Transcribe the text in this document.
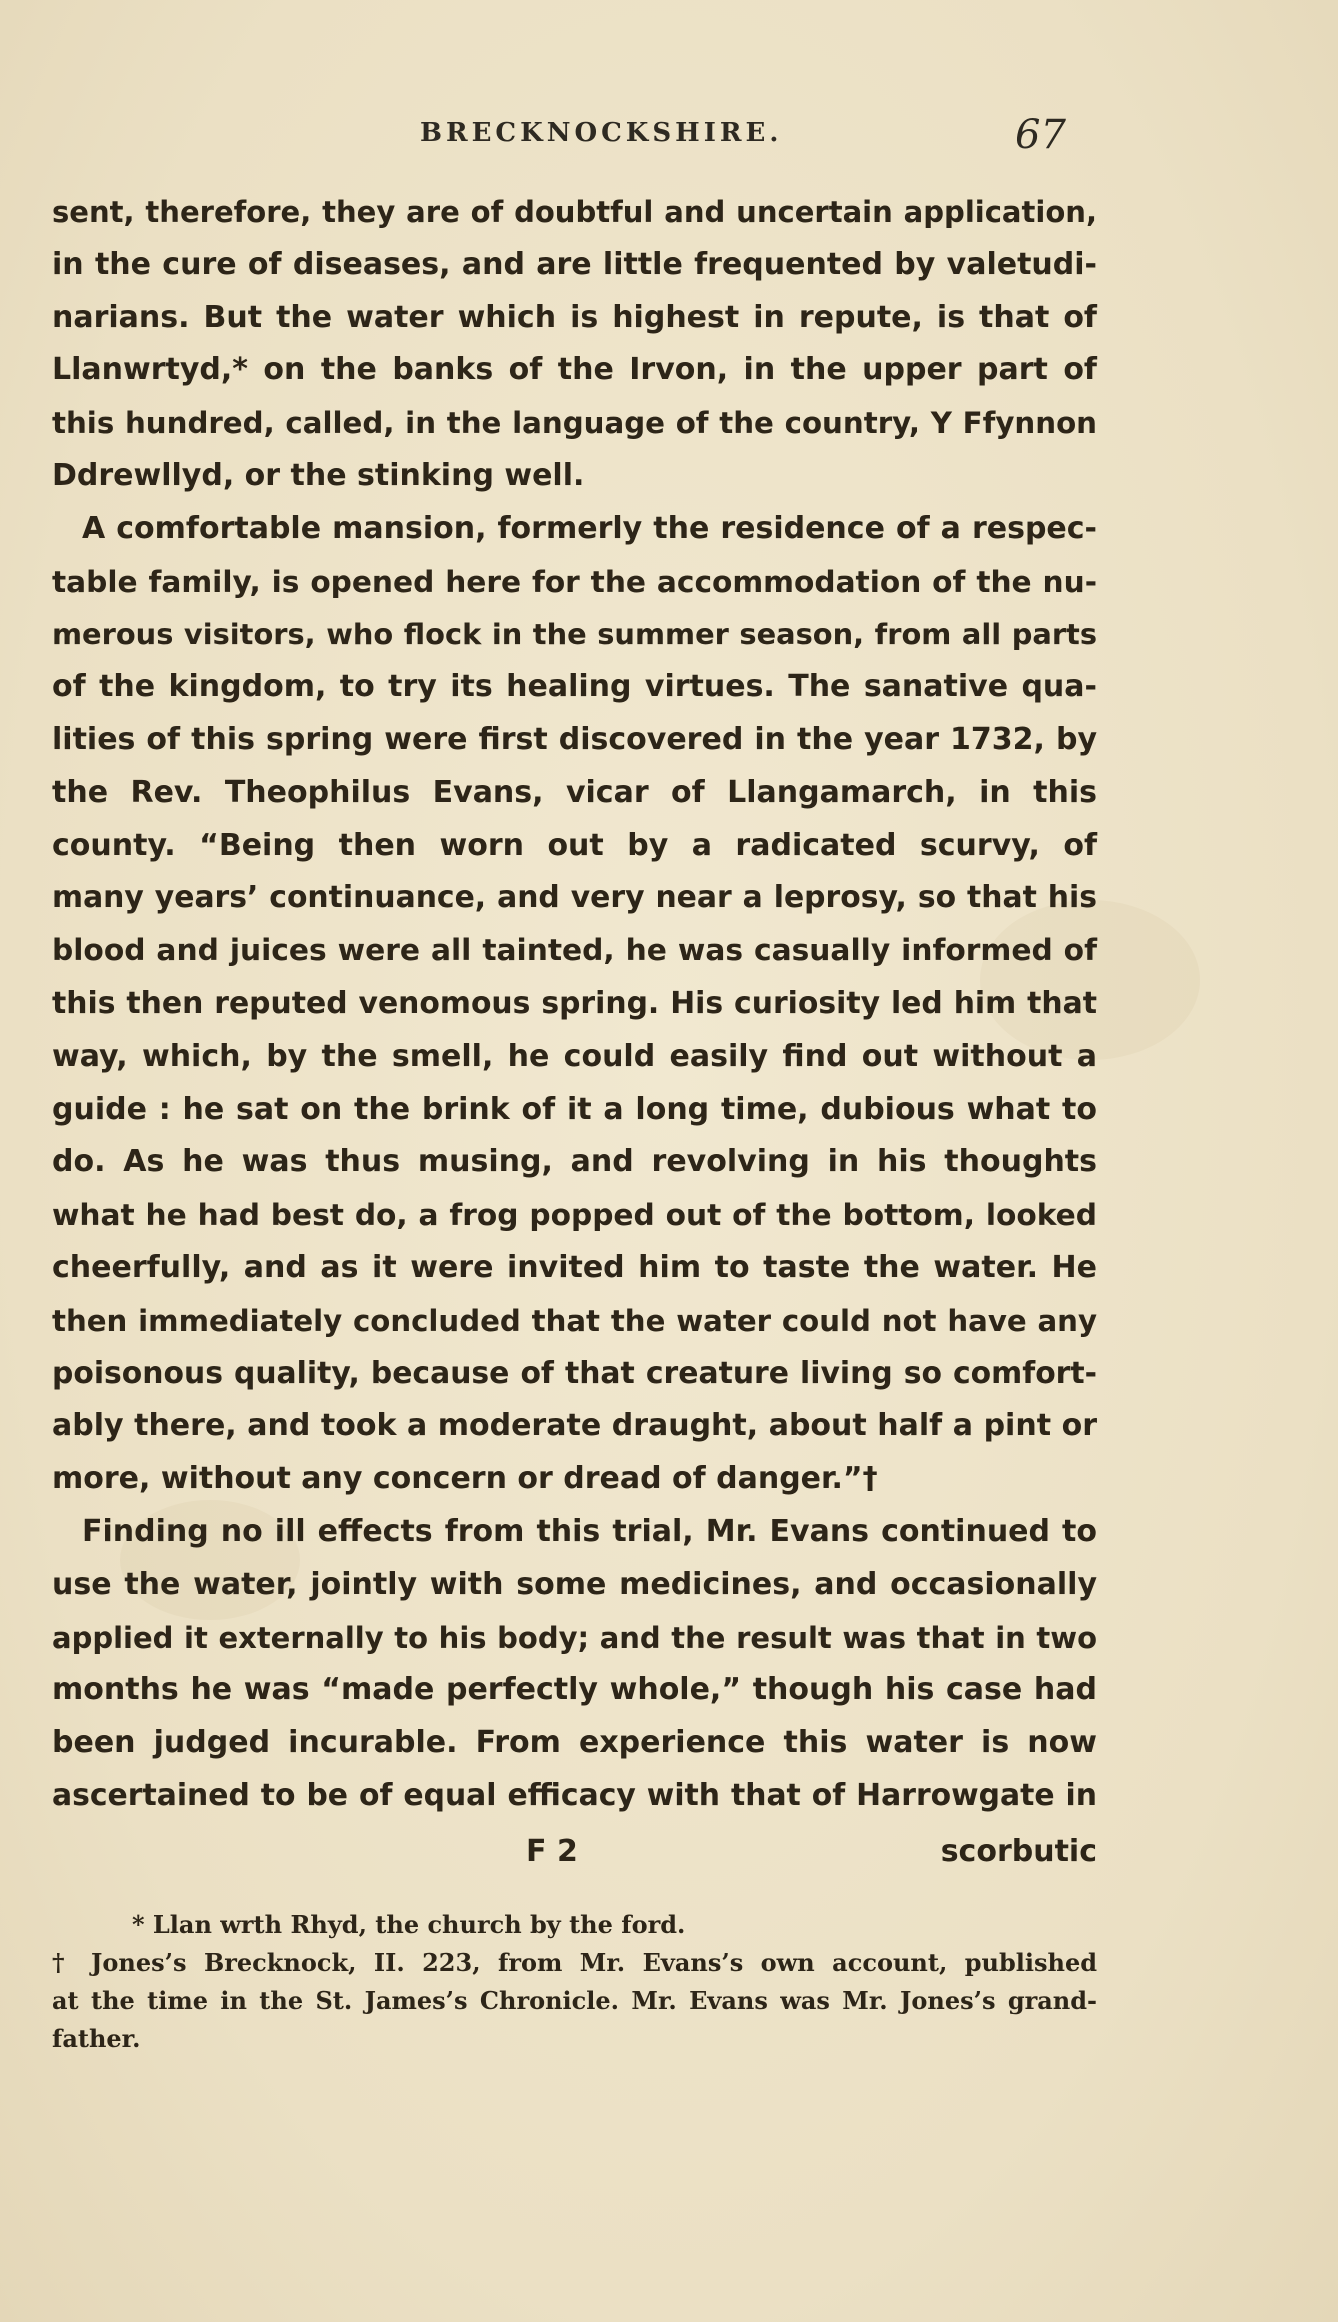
BRECKNOCKSHIRE.	67
sent, therefore, they are of doubtful and uncertain application,
in the cure of diseases, and are little frequented by valetudi-
narians. But the water which is highest in repute, is that of
Llanwrtyd,* on the banks of the Irvon, in the upper part of
this hundred, called, in the language of the country, Y Ffynnon
Ddrewllyd, or the stinking well.
A comfortable mansion, formerly the residence of a respec-
table family, is opened here for the accommodation of the nu-
merous visitors, who flock in the summer season, from all parts
of the kingdom, to try its healing virtues. The sanative qua-
lities of this spring were first discovered in the year 1732, by
the Rev. Theophilus Evans, vicar of Llangamarch, in this
county. “Being then worn out by a radicated scurvy, of
many years’ continuance, and very near a leprosy, so that his
blood and juices were all tainted, he was casually informed of
this then reputed venomous spring. His curiosity led him that
way, which, by the smell, he could easily find out without a
guide : he sat on the brink of it a long time, dubious what to
do. As he was thus musing, and revolving in his thoughts
what he had best do, a frog popped out of the bottom, looked
cheerfully, and as it were invited him to taste the water. He
then immediately concluded that the water could not have any
poisonous quality, because of that creature living so comfort-
ably there, and took a moderate draught, about half a pint or
more, without any concern or dread of danger.”†
Finding no ill effects from this trial, Mr. Evans continued to
use the water, jointly with some medicines, and occasionally
applied it externally to his body; and the result was that in two
months he was “made perfectly whole,” though his case had
been judged incurable. From experience this water is now
ascertained to be of equal efficacy with that of Harrowgate in
F 2	scorbutic
* Llan wrth Rhyd, the church by the ford.
† Jones’s Brecknock, II. 223, from Mr. Evans’s own account, published
at the time in the St. James’s Chronicle. Mr. Evans was Mr. Jones’s grand-
father.
